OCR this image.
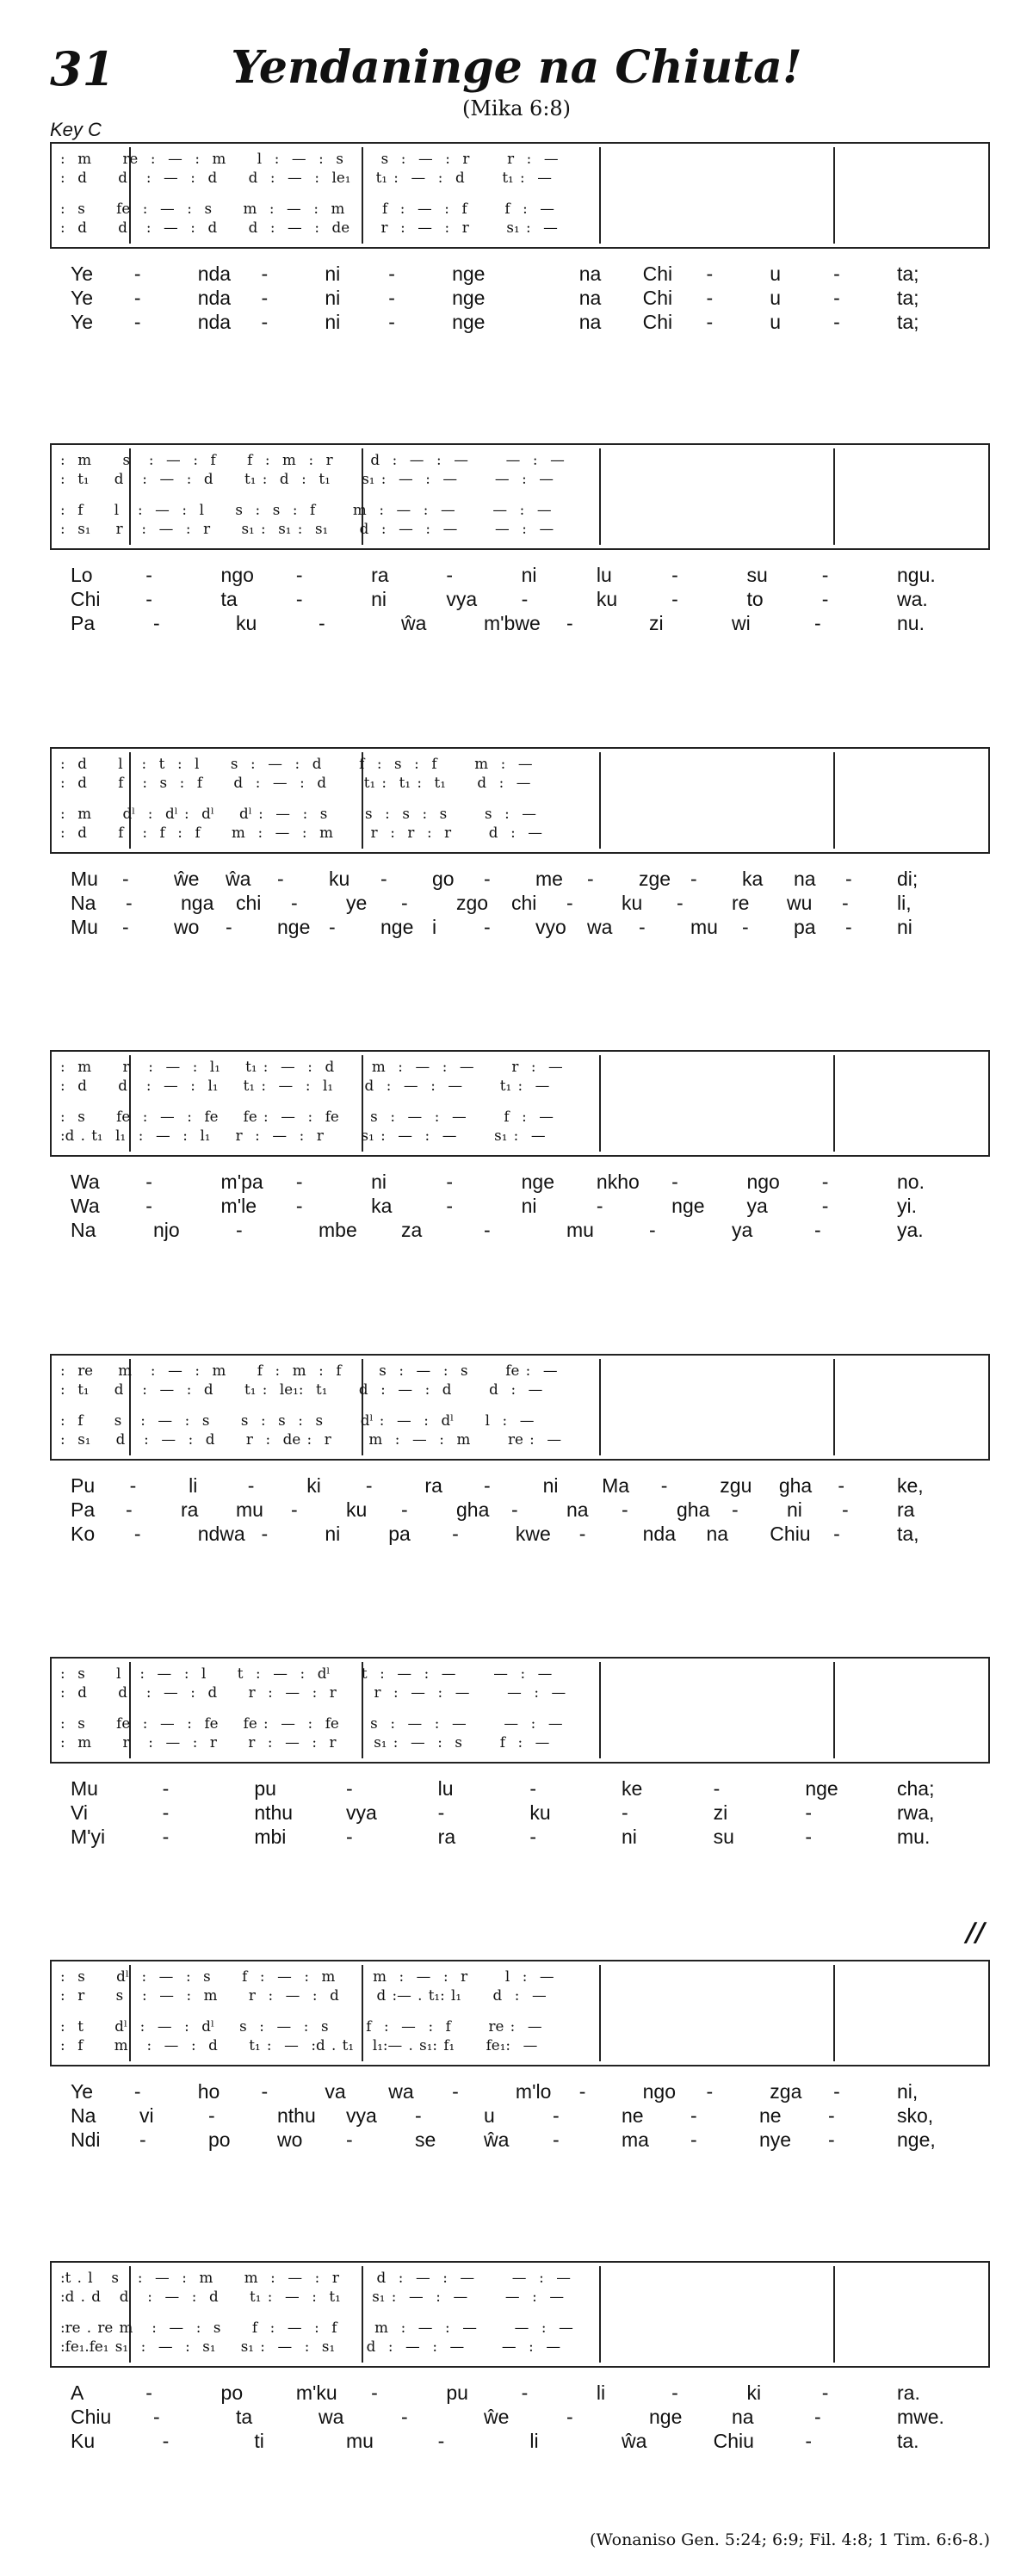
31	Yendaninge na Chiuta!
(Mika 6:8)
Key C
//
:  m     re  :  —  :  m     l  :  —  :  s      s  :  —  :  r      r  :  —
:  d     d   :  —  :  d     d  :  —  :  le₁    t₁ :  —  :  d      t₁ :  —
:  s     fe  :  —  :  s     m  :  —  :  m      f  :  —  :  f      f  :  —
:  d     d   :  —  :  d     d  :  —  :  de     r  :  —  :  r      s₁ :  —
Ye -	nda -	ni -	nge	na Chi -	u	-	ta;
Ye -	nda -	ni -	nge	na Chi -	u	-	ta;
Ye -	nda -	ni -	nge	na Chi -	u	-	ta;
:  m     s   :  —  :  f     f  :  m  :  r      d  :  —  :  —      —  :  —
:  t₁    d   :  —  :  d     t₁ :  d  :  t₁     s₁ :  —  :  —      —  :  —
:  f     l   :  —  :  l     s  :  s  :  f      m  :  —  :  —      —  :  —
:  s₁    r   :  —  :  r     s₁ :  s₁ :  s₁     d  :  —  :  —      —  :  —
Lo	-	ngo -	ra	-	ni	lu	-	su	-	ngu.
Chi -	ta	-	ni	vya -	ku	-	to	-	wa.
Pa	-	ku	-	ŵa	m'bwe -	zi	wi	-	nu.
:  d     l   :  t  :  l     s  :  —  :  d      f  :  s  :  f      m  :  —
:  d     f   :  s  :  f     d  :  —  :  d      t₁ :  t₁ :  t₁     d  :  —
:  m     dˡ  :  dˡ :  dˡ    dˡ :  —  :  s      s  :  s  :  s      s  :  —
:  d     f   :  f  :  f     m  :  —  :  m      r  :  r  :  r      d  :  —
Mu - ŵe ŵa - ku - go - me - zge - ka na - di;
Na - nga chi - ye - zgo chi - ku - re wu - li,
Mu - wo - nge - nge i - vyo wa - mu - pa - ni
:  m     r   :  —  :  l₁    t₁ :  —  :  d      m  :  —  :  —      r  :  —
:  d     d   :  —  :  l₁    t₁ :  —  :  l₁     d  :  —  :  —      t₁ :  —
:  s     fe  :  —  :  fe    fe :  —  :  fe     s  :  —  :  —      f  :  —
:d . t₁  l₁  :  —  :  l₁    r  :  —  :  r      s₁ :  —  :  —      s₁ :  —
Wa -	m'pa -	ni	-	nge nkho -	ngo -	no.
Wa -	m'le -	ka	-	ni	-	nge ya	-	yi.
Na	njo	-	mbe za	-	mu	-	ya	-	ya.
:  re    m   :  —  :  m     f  :  m  :  f      s  :  —  :  s      fe :  —
:  t₁    d   :  —  :  d     t₁ :  le₁:  t₁     d  :  —  :  d      d  :  —
:  f     s   :  —  :  s     s  :  s  :  s      dˡ :  —  :  dˡ     l  :  —
:  s₁    d   :  —  :  d     r  :  de :  r      m  :  —  :  m      re :  —
Pu -	li	-	ki -	ra -	ni Ma -	zgu gha -	ke,
Pa - ra mu - ku - gha - na - gha - ni - ra
Ko -	ndwa -	ni pa -	kwe -	nda na Chiu -	ta,
:  s     l   :  —  :  l     t  :  —  :  dˡ     t  :  —  :  —      —  :  —
:  d     d   :  —  :  d     r  :  —  :  r      r  :  —  :  —      —  :  —
:  s     fe  :  —  :  fe    fe :  —  :  fe     s  :  —  :  —      —  :  —
:  m     r   :  —  :  r     r  :  —  :  r      s₁ :  —  :  s      f  :  —
Mu	-	pu	-	lu	-	ke	-	nge	cha;
Vi	-	nthu	vya	-	ku	-	zi	-	rwa,
M'yi	-	mbi	-	ra	-	ni	su	-	mu.
:  s     dˡ  :  —  :  s     f  :  —  :  m      m  :  —  :  r      l  :  —
:  r     s   :  —  :  m     r  :  —  :  d      d :— . t₁: l₁     d  :  —
:  t     dˡ  :  —  :  dˡ    s  :  —  :  s      f  :  —  :  f      re :  —
:  f     m   :  —  :  d     t₁ :  —  :d . t₁   l₁:— . s₁: f₁     fe₁:  —
Ye -	ho -	va wa -	m'lo -	ngo -	zga -	ni,
Na vi	-	nthu vya -	u	-	ne -	ne -	sko,
Ndi -	po wo -	se ŵa -	ma -	nye -	nge,
:t . l   s   :  —  :  m     m  :  —  :  r      d  :  —  :  —      —  :  —
:d . d   d   :  —  :  d     t₁ :  —  :  t₁     s₁ :  —  :  —      —  :  —
:re . re m   :  —  :  s     f  :  —  :  f      m  :  —  :  —      —  :  —
:fe₁.fe₁ s₁  :  —  :  s₁    s₁ :  —  :  s₁     d  :  —  :  —      —  :  —
A	-	po	m'ku -	pu	-	li	-	ki	-	ra.
Chiu -	ta	wa	-	ŵe	-	nge	na	-	mwe.
Ku	-	ti	mu	-	li	ŵa	Chiu	-	ta.
(Wonaniso Gen. 5:24; 6:9; Fil. 4:8; 1 Tim. 6:6-8.)
